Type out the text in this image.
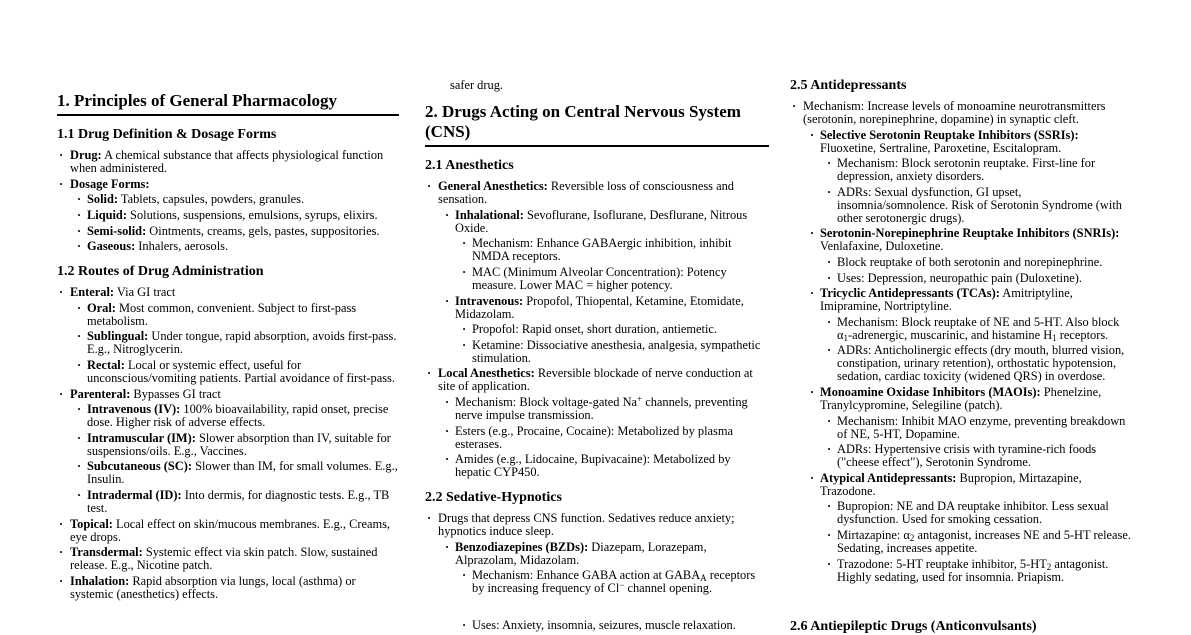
1. Principles of General Pharmacology
1.1 Drug Definition & Dosage Forms
· Drug: A chemical substance that affects physiological function when administered.
· Dosage Forms:
· Solid: Tablets, capsules, powders, granules.
· Liquid: Solutions, suspensions, emulsions, syrups, elixirs.
· Semi-solid: Ointments, creams, gels, pastes, suppositories.
· Gaseous: Inhalers, aerosols.
1.2 Routes of Drug Administration
· Enteral: Via GI tract
· Oral: Most common, convenient. Subject to first-pass metabolism.
· Sublingual: Under tongue, rapid absorption, avoids first-pass. E.g., Nitroglycerin.
· Rectal: Local or systemic effect, useful for unconscious/vomiting patients. Partial avoidance of first-pass.
· Parenteral: Bypasses GI tract
· Intravenous (IV): 100% bioavailability, rapid onset, precise dose. Higher risk of adverse effects.
· Intramuscular (IM): Slower absorption than IV, suitable for suspensions/oils. E.g., Vaccines.
· Subcutaneous (SC): Slower than IM, for small volumes. E.g., Insulin.
· Intradermal (ID): Into dermis, for diagnostic tests. E.g., TB test.
· Topical: Local effect on skin/mucous membranes. E.g., Creams, eye drops.
· Transdermal: Systemic effect via skin patch. Slow, sustained release. E.g., Nicotine patch.
· Inhalation: Rapid absorption via lungs, local (asthma) or systemic (anesthetics) effects.
safer drug.
2. Drugs Acting on Central Nervous System (CNS)
2.1 Anesthetics
· General Anesthetics: Reversible loss of consciousness and sensation.
· Inhalational: Sevoflurane, Isoflurane, Desflurane, Nitrous Oxide.
· Mechanism: Enhance GABAergic inhibition, inhibit NMDA receptors.
· MAC (Minimum Alveolar Concentration): Potency measure. Lower MAC = higher potency.
· Intravenous: Propofol, Thiopental, Ketamine, Etomidate, Midazolam.
· Propofol: Rapid onset, short duration, antiemetic.
· Ketamine: Dissociative anesthesia, analgesia, sympathetic stimulation.
· Local Anesthetics: Reversible blockade of nerve conduction at site of application.
· Mechanism: Block voltage-gated Na+ channels, preventing nerve impulse transmission.
· Esters (e.g., Procaine, Cocaine): Metabolized by plasma esterases.
· Amides (e.g., Lidocaine, Bupivacaine): Metabolized by hepatic CYP450.
2.2 Sedative-Hypnotics
· Drugs that depress CNS function. Sedatives reduce anxiety; hypnotics induce sleep.
· Benzodiazepines (BZDs): Diazepam, Lorazepam, Alprazolam, Midazolam.
· Mechanism: Enhance GABA action at $GABA_A$ receptors by increasing frequency of Cl− channel opening.
· Uses: Anxiety, insomnia, seizures, muscle relaxation.
2.5 Antidepressants
· Mechanism: Increase levels of monoamine neurotransmitters (serotonin, norepinephrine, dopamine) in synaptic cleft.
· Selective Serotonin Reuptake Inhibitors (SSRIs): Fluoxetine, Sertraline, Paroxetine, Escitalopram.
· Mechanism: Block serotonin reuptake. First-line for depression, anxiety disorders.
· ADRs: Sexual dysfunction, GI upset, insomnia/somnolence. Risk of Serotonin Syndrome (with other serotonergic drugs).
· Serotonin-Norepinephrine Reuptake Inhibitors (SNRIs): Venlafaxine, Duloxetine.
· Block reuptake of both serotonin and norepinephrine.
· Uses: Depression, neuropathic pain (Duloxetine).
· Tricyclic Antidepressants (TCAs): Amitriptyline, Imipramine, Nortriptyline.
· Mechanism: Block reuptake of NE and 5-HT. Also block $\alpha_1$-adrenergic, muscarinic, and histamine $H_1$ receptors.
· ADRs: Anticholinergic effects (dry mouth, blurred vision, constipation, urinary retention), orthostatic hypotension, sedation, cardiac toxicity (widened QRS) in overdose.
· Monoamine Oxidase Inhibitors (MAOIs): Phenelzine, Tranylcypromine, Selegiline (patch).
· Mechanism: Inhibit MAO enzyme, preventing breakdown of NE, 5-HT, Dopamine.
· ADRs: Hypertensive crisis with tyramine-rich foods ("cheese effect"), Serotonin Syndrome.
· Atypical Antidepressants: Bupropion, Mirtazapine, Trazodone.
· Bupropion: NE and DA reuptake inhibitor. Less sexual dysfunction. Used for smoking cessation.
· Mirtazapine: $\alpha_2$ antagonist, increases NE and 5-HT release. Sedating, increases appetite.
· Trazodone: 5-HT reuptake inhibitor, $5-HT_2$ antagonist. Highly sedating, used for insomnia. Priapism.
2.6 Antiepileptic Drugs (Anticonvulsants)
